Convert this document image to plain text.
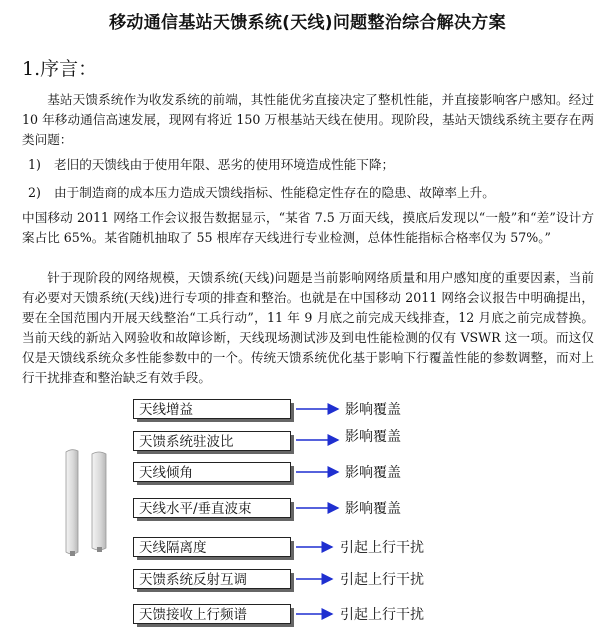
移动通信基站天馈系统(天线)问题整治综合解决方案
1.序言：

基站天馈系统作为收发系统的前端，其性能优劣直接决定了整机性能，并直接影响客户感知。经过 10 年移动通信高速发展，现网有将近 150 万根基站天线在使用。现阶段，基站天馈线系统主要存在两类问题：

1) 老旧的天馈线由于使用年限、恶劣的使用环境造成性能下降；
2) 由于制造商的成本压力造成天馈线指标、性能稳定性存在的隐患、故障率上升。

中国移动 2011 网络工作会议报告数据显示，“某省 7.5 万面天线，摸底后发现以“一般”和“差”设计方案占比 65%。某省随机抽取了 55 根库存天线进行专业检测，总体性能指标合格率仅为 57%。”

针于现阶段的网络规模，天馈系统(天线)问题是当前影响网络质量和用户感知度的重要因素，当前有必要对天馈系统(天线)进行专项的排查和整治。也就是在中国移动 2011 网络会议报告中明确提出，要在全国范围内开展天线整治“工兵行动”，11 年 9 月底之前完成天线排查，12 月底之前完成替换。当前天线的新站入网验收和故障诊断，天线现场测试涉及到电性能检测的仅有 VSWR 这一项。而这仅仅是天馈线系统众多性能参数中的一个。传统天馈系统优化基于影响下行覆盖性能的参数调整，而对上行干扰排查和整治缺乏有效手段。

天线增益	影响覆盖
天馈系统驻波比	影响覆盖
天线倾角	影响覆盖
天线水平/垂直波束	影响覆盖
天线隔离度	引起上行干扰
天馈系统反射互调	引起上行干扰
天馈接收上行频谱	引起上行干扰
